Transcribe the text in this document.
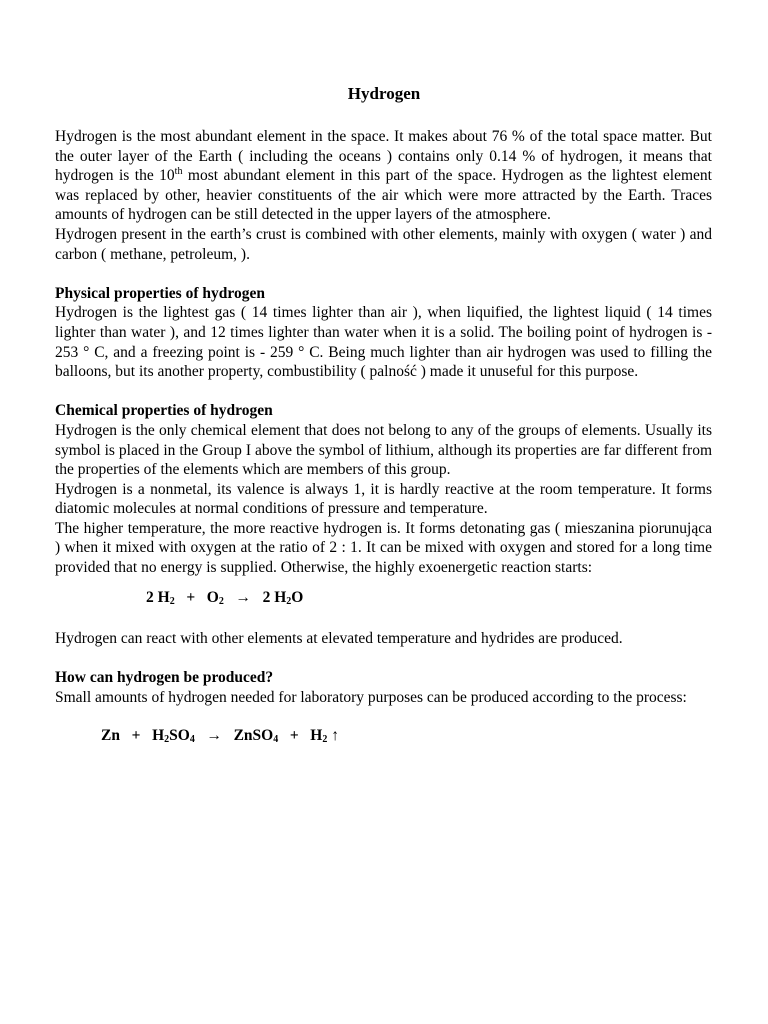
Hydrogen

Hydrogen is the most abundant element in the space. It makes about 76 % of the total space matter. But the outer layer of the Earth ( including the oceans ) contains only 0.14 % of hydrogen, it means that hydrogen is the 10th most abundant element in this part of the space. Hydrogen as the lightest element was replaced by other, heavier constituents of the air which were more attracted by the Earth. Traces amounts of hydrogen can be still detected in the upper layers of the atmosphere.

Hydrogen present in the earth’s crust is combined with other elements, mainly with oxygen ( water ) and carbon ( methane, petroleum, ).

Physical properties of hydrogen

Hydrogen is the lightest gas ( 14 times lighter than air ), when liquified, the lightest liquid ( 14 times lighter than water ), and 12 times lighter than water when it is a solid. The boiling point of hydrogen is - 253 ° C, and a freezing point is - 259 ° C. Being much lighter than air hydrogen was used to filling the balloons, but its another property, combustibility ( palność ) made it unuseful for this purpose.

Chemical properties of hydrogen

Hydrogen is the only chemical element that does not belong to any of the groups of elements. Usually its symbol is placed in the Group I above the symbol of lithium, although its properties are far different from the properties of the elements which are members of this group.

Hydrogen is a nonmetal, its valence is always 1, it is hardly reactive at the room temperature. It forms diatomic molecules at normal conditions of pressure and temperature.

The higher temperature, the more reactive hydrogen is. It forms detonating gas ( mieszanina piorunująca ) when it mixed with oxygen at the ratio of 2 : 1. It can be mixed with oxygen and stored for a long time provided that no energy is supplied. Otherwise, the highly exoenergetic reaction starts:

2 $H_2 + O_2 \to 2$ $H_2O$

Hydrogen can react with other elements at elevated temperature and hydrides are produced.

How can hydrogen be produced?

Small amounts of hydrogen needed for laboratory purposes can be produced according to the process:

$Zn + H_2SO_4$ → ZnSO$_4$ + $H_2$ ↑
